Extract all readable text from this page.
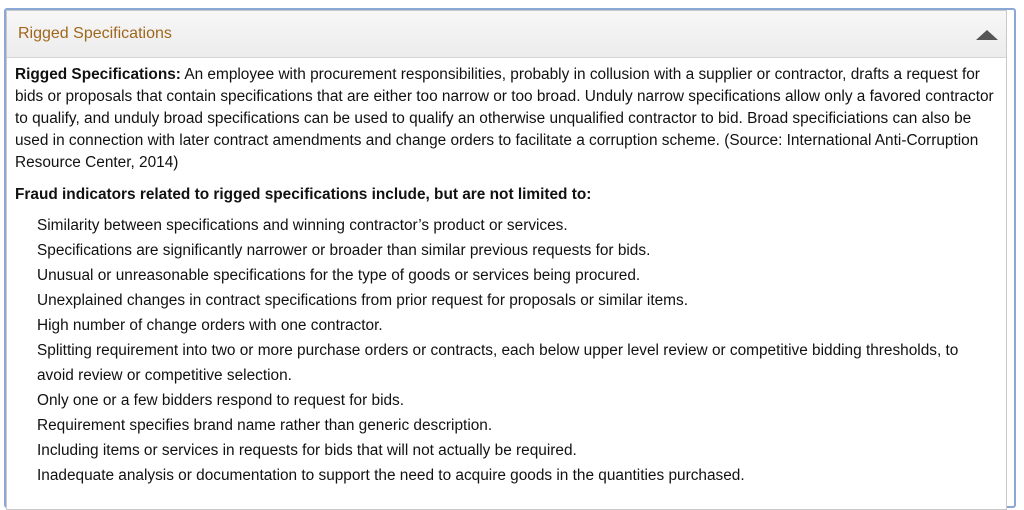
Rigged Specifications

Rigged Specifications: An employee with procurement responsibilities, probably in collusion with a supplier or contractor, drafts a request for bids or proposals that contain specifications that are either too narrow or too broad. Unduly narrow specifications allow only a favored contractor to qualify, and unduly broad specifications can be used to qualify an otherwise unqualified contractor to bid. Broad specificiations can also be used in connection with later contract amendments and change orders to facilitate a corruption scheme. (Source: International Anti-Corruption Resource Center, 2014)

Fraud indicators related to rigged specifications include, but are not limited to:
Similarity between specifications and winning contractor’s product or services.
Specifications are significantly narrower or broader than similar previous requests for bids.
Unusual or unreasonable specifications for the type of goods or services being procured.
Unexplained changes in contract specifications from prior request for proposals or similar items.
High number of change orders with one contractor.
Splitting requirement into two or more purchase orders or contracts, each below upper level review or competitive bidding thresholds, to avoid review or competitive selection.
Only one or a few bidders respond to request for bids.
Requirement specifies brand name rather than generic description.
Including items or services in requests for bids that will not actually be required.
Inadequate analysis or documentation to support the need to acquire goods in the quantities purchased.
